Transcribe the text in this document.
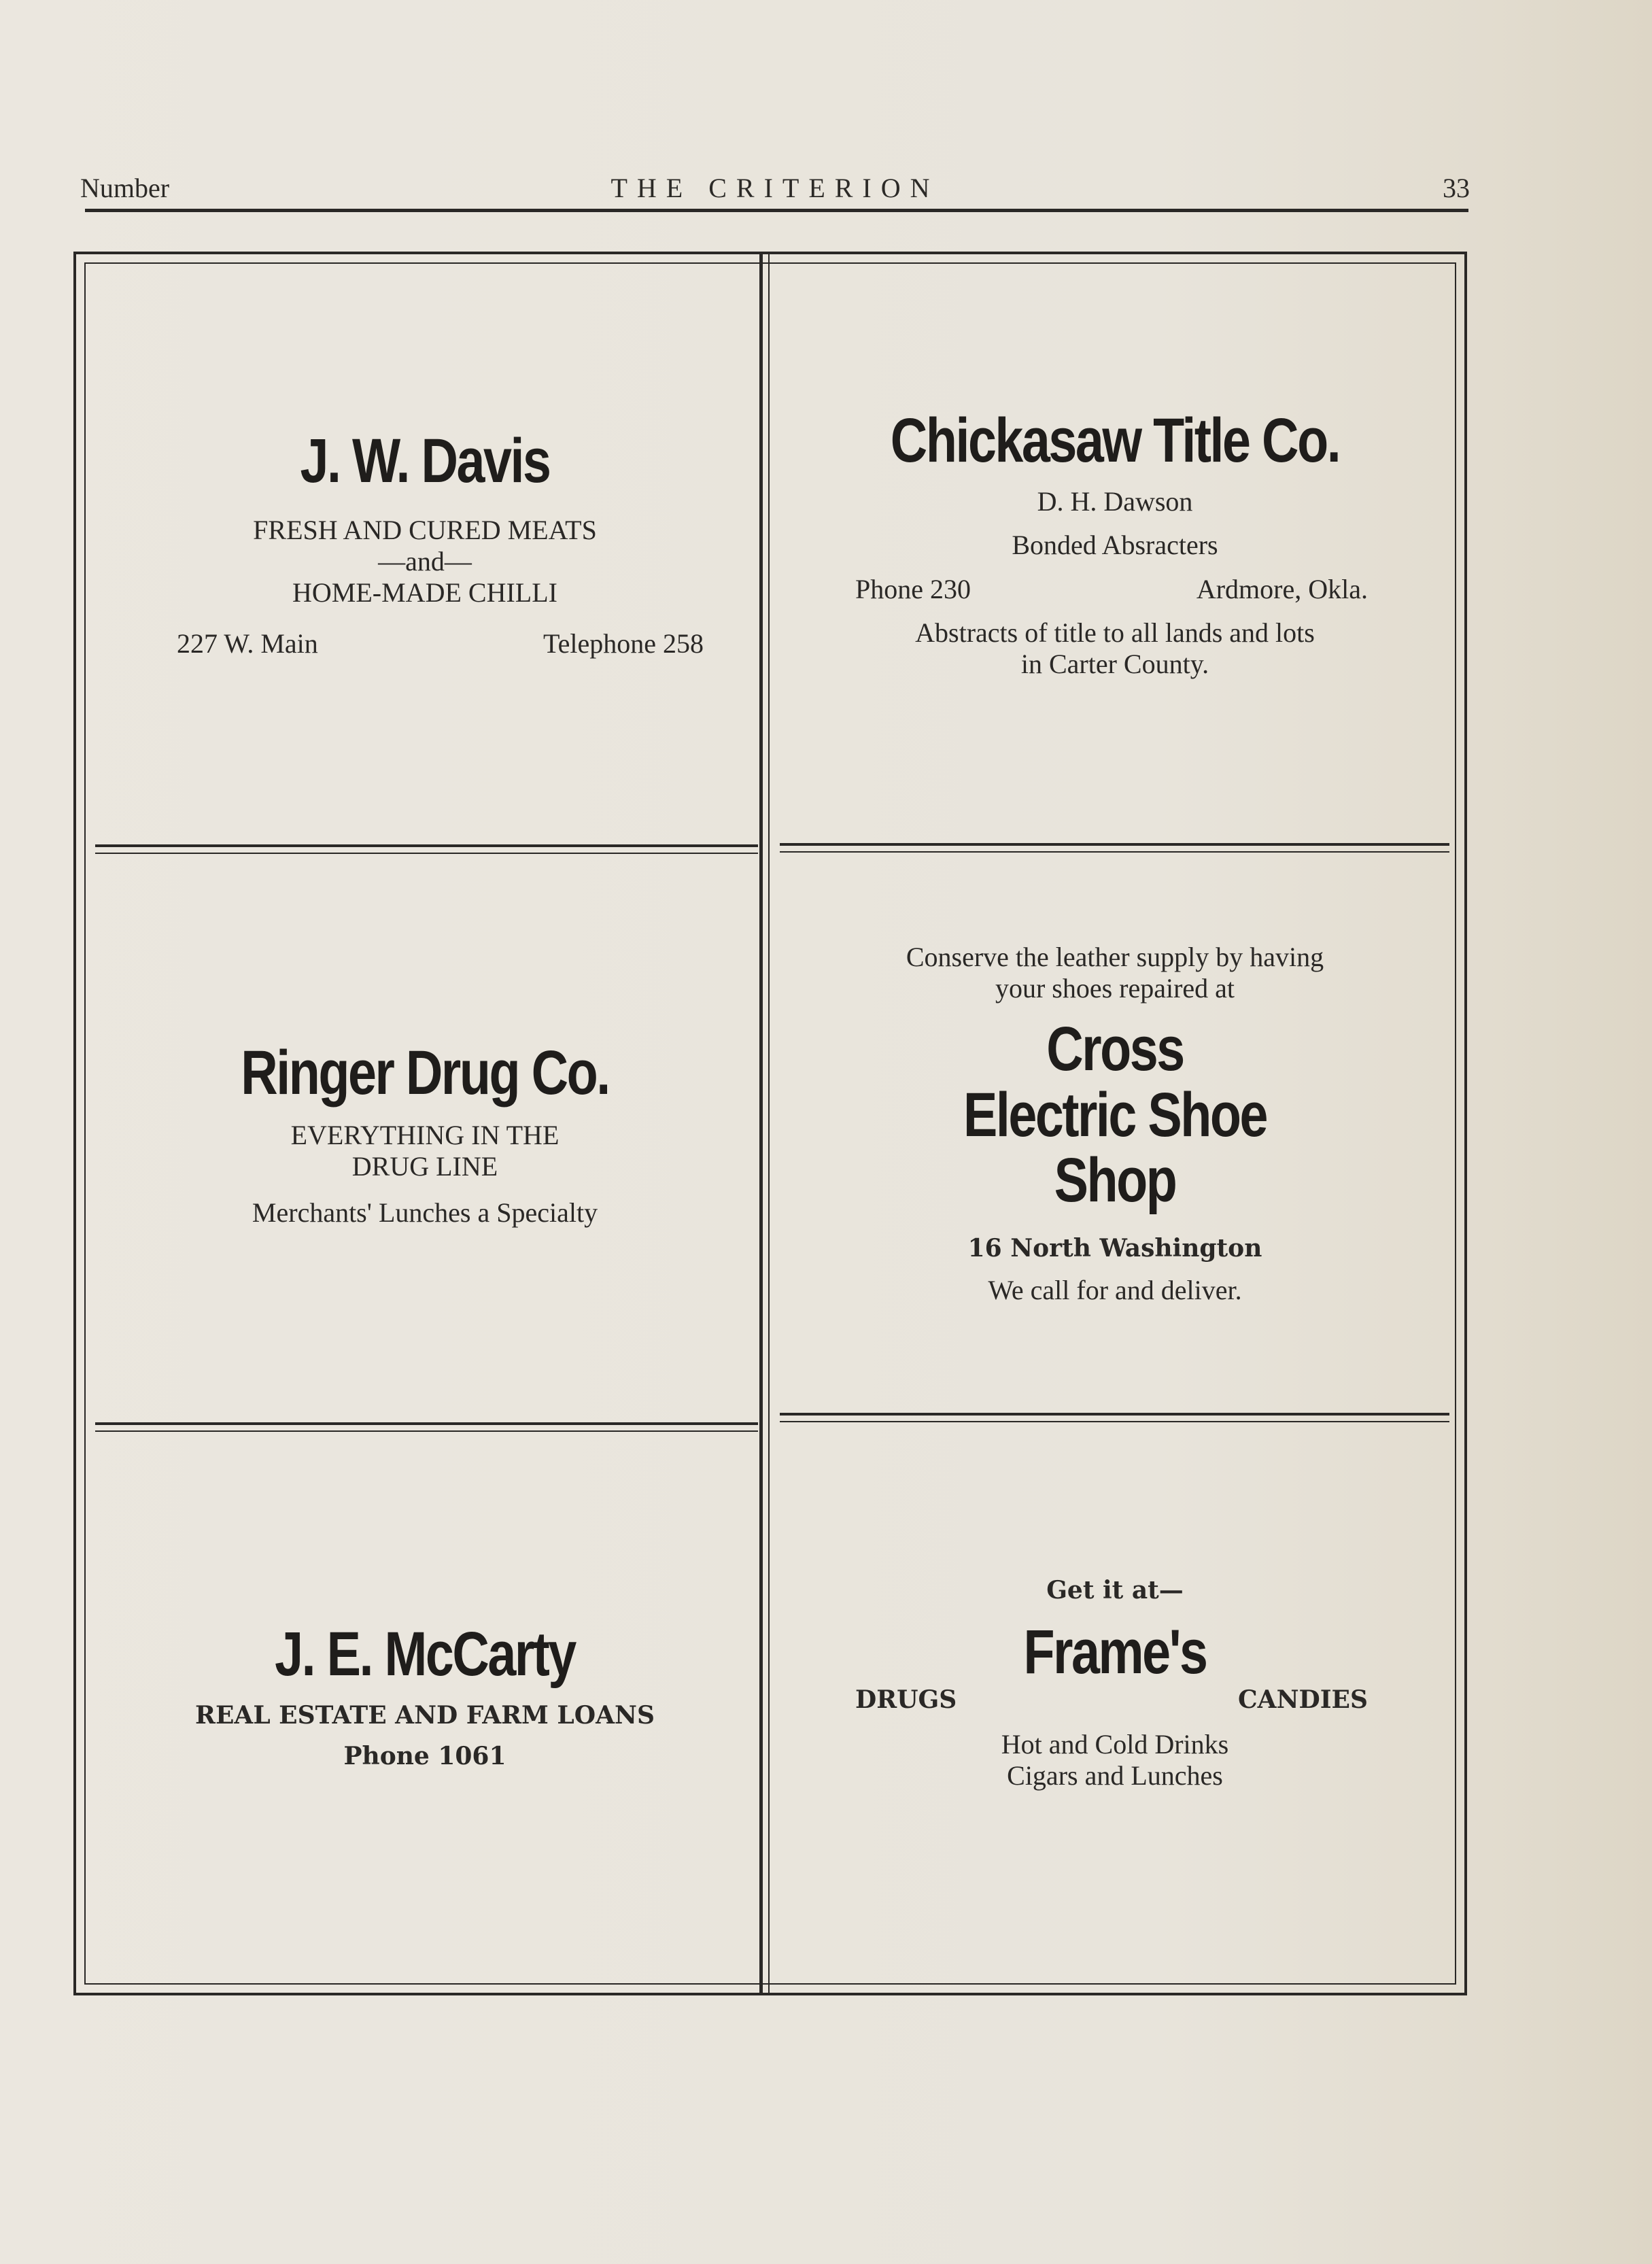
Number	THE CRITERION	33
J. W. Davis
FRESH AND CURED MEATS
—and—
HOME-MADE CHILLI
227 W. Main	Telephone 258
Chickasaw Title Co.
D. H. Dawson
Bonded Absracters
Phone 230	Ardmore, Okla.
Abstracts of title to all lands and lots
in Carter County.
Ringer Drug Co.
EVERYTHING IN THE
DRUG LINE
Merchants' Lunches a Specialty
Conserve the leather supply by having
your shoes repaired at
Cross
Electric Shoe
Shop
16 North Washington
We call for and deliver.
J. E. McCarty
REAL ESTATE AND FARM LOANS
Phone 1061
Get it at—
Frame's
DRUGS	CANDIES
Hot and Cold Drinks
Cigars and Lunches
